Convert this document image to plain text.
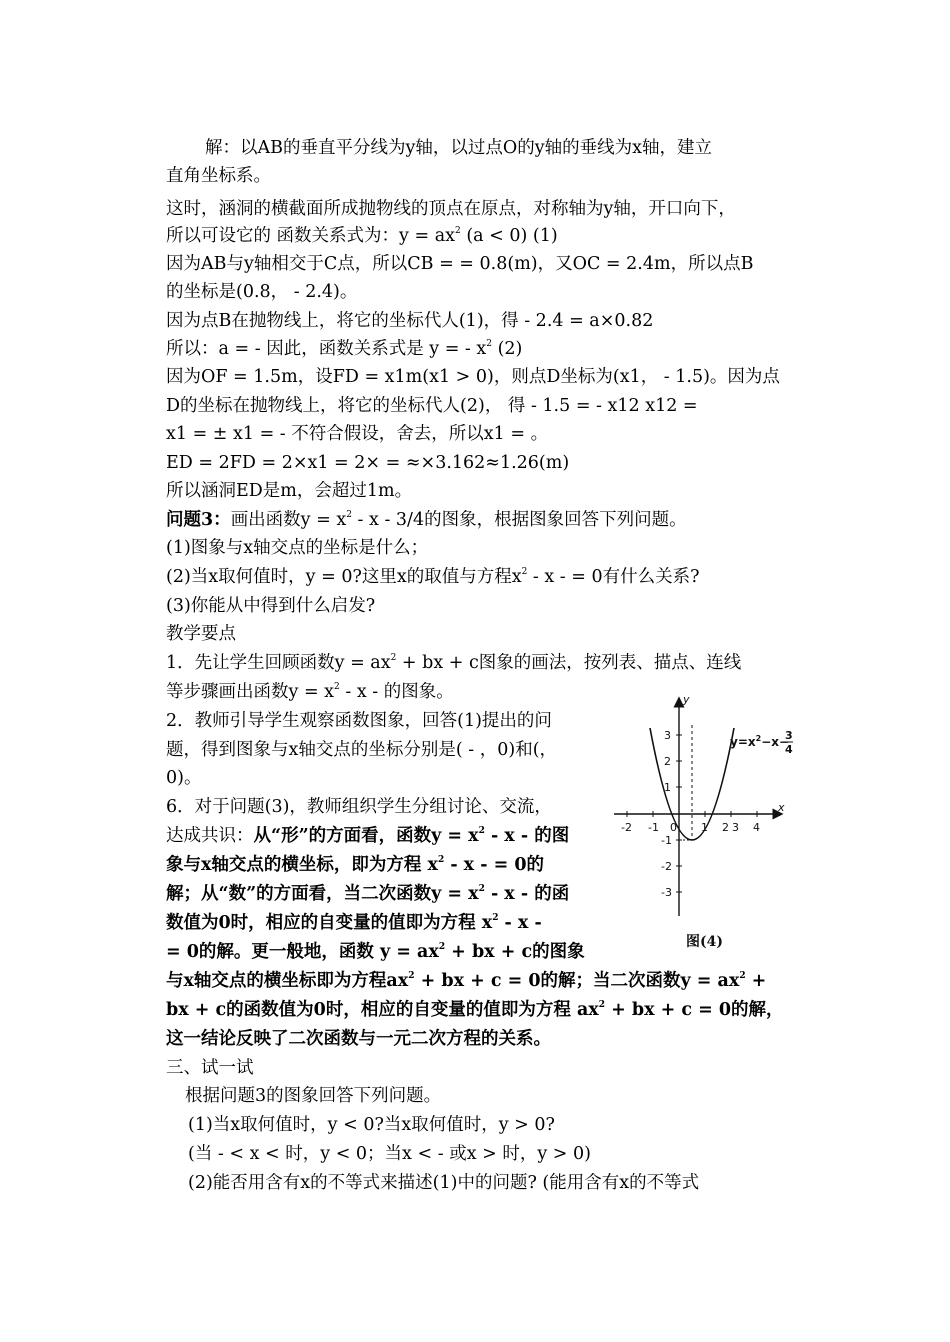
解：以AB的垂直平分线为y轴，以过点O的y轴的垂线为x轴，建立
直角坐标系。
这时，涵洞的横截面所成抛物线的顶点在原点，对称轴为y轴，开口向下，
所以可设它的 函数关系式为：$y = ax^2$ (a < 0) (1)
因为AB与y轴相交于C点，所以CB = = 0.8(m)，又OC = 2.4m，所以点B
的坐标是(0.8， - 2.4)。
因为点B在抛物线上，将它的坐标代人(1)，得 - 2.4 = a×0.82
所以：a = - 因此，函数关系式是 y = - $x^2$ (2)
因为OF = 1.5m，设FD = x1m(x1 > 0)，则点D坐标为(x1， - 1.5)。因为点
D的坐标在抛物线上，将它的坐标代人(2)， 得 - 1.5 = - x12 x12 =
x1 = ± x1 = - 不符合假设，舍去，所以x1 = 。
ED = 2FD = 2×x1 = 2× = ≈×3.162≈1.26(m)
所以涵洞ED是m，会超过1m。
问题3：画出函数$y = x^2 - x - 3/4$的图象，根据图象回答下列问题。
(1)图象与x轴交点的坐标是什么；
(2)当x取何值时，y = 0?这里x的取值与方程$x^2$ - x - = 0有什么关系?
(3)你能从中得到什么启发?
教学要点
1．先让学生回顾函数$y = ax^2$ + bx + c图象的画法，按列表、描点、连线
等步骤画出函数$y = x^2 - x$ - 的图象。
2．教师引导学生观察函数图象，回答(1)提出的问
题，得到图象与x轴交点的坐标分别是( - ，0)和(，
0)。
6．对于问题(3)，教师组织学生分组讨论、交流，
达成共识：从“形”的方面看，函数$y = x^2 - x$ - 的图
象与x轴交点的横坐标，即为方程 $x^2$ - x - = 0的
解；从“数”的方面看，当二次函数$y = x^2 - x$ - 的函
数值为0时，相应的自变量的值即为方程 $x^2$ - x -
= 0的解。更一般地，函数 $y = ax^2$ + bx + c的图象
与x轴交点的横坐标即为方程$ax^2$ + bx + c = 0的解；当二次函数$y = ax^2$ +
bx + c的函数值为0时，相应的自变量的值即为方程 $ax^2$ + bx + c = 0的解，
这一结论反映了二次函数与一元二次方程的关系。
三、试一试
根据问题3的图象回答下列问题。
(1)当x取何值时，y < 0?当x取何值时，y > 0?
(当 - < x < 时，y < 0；当x < - 或x > 时，y > 0)
(2)能否用含有x的不等式来描述(1)中的问题? (能用含有x的不等式
-2 -1 0 1 2 3 4
3
2
1
-1
-2
-3
y
x
$y=x^2-x-$
3
4
图(4)
